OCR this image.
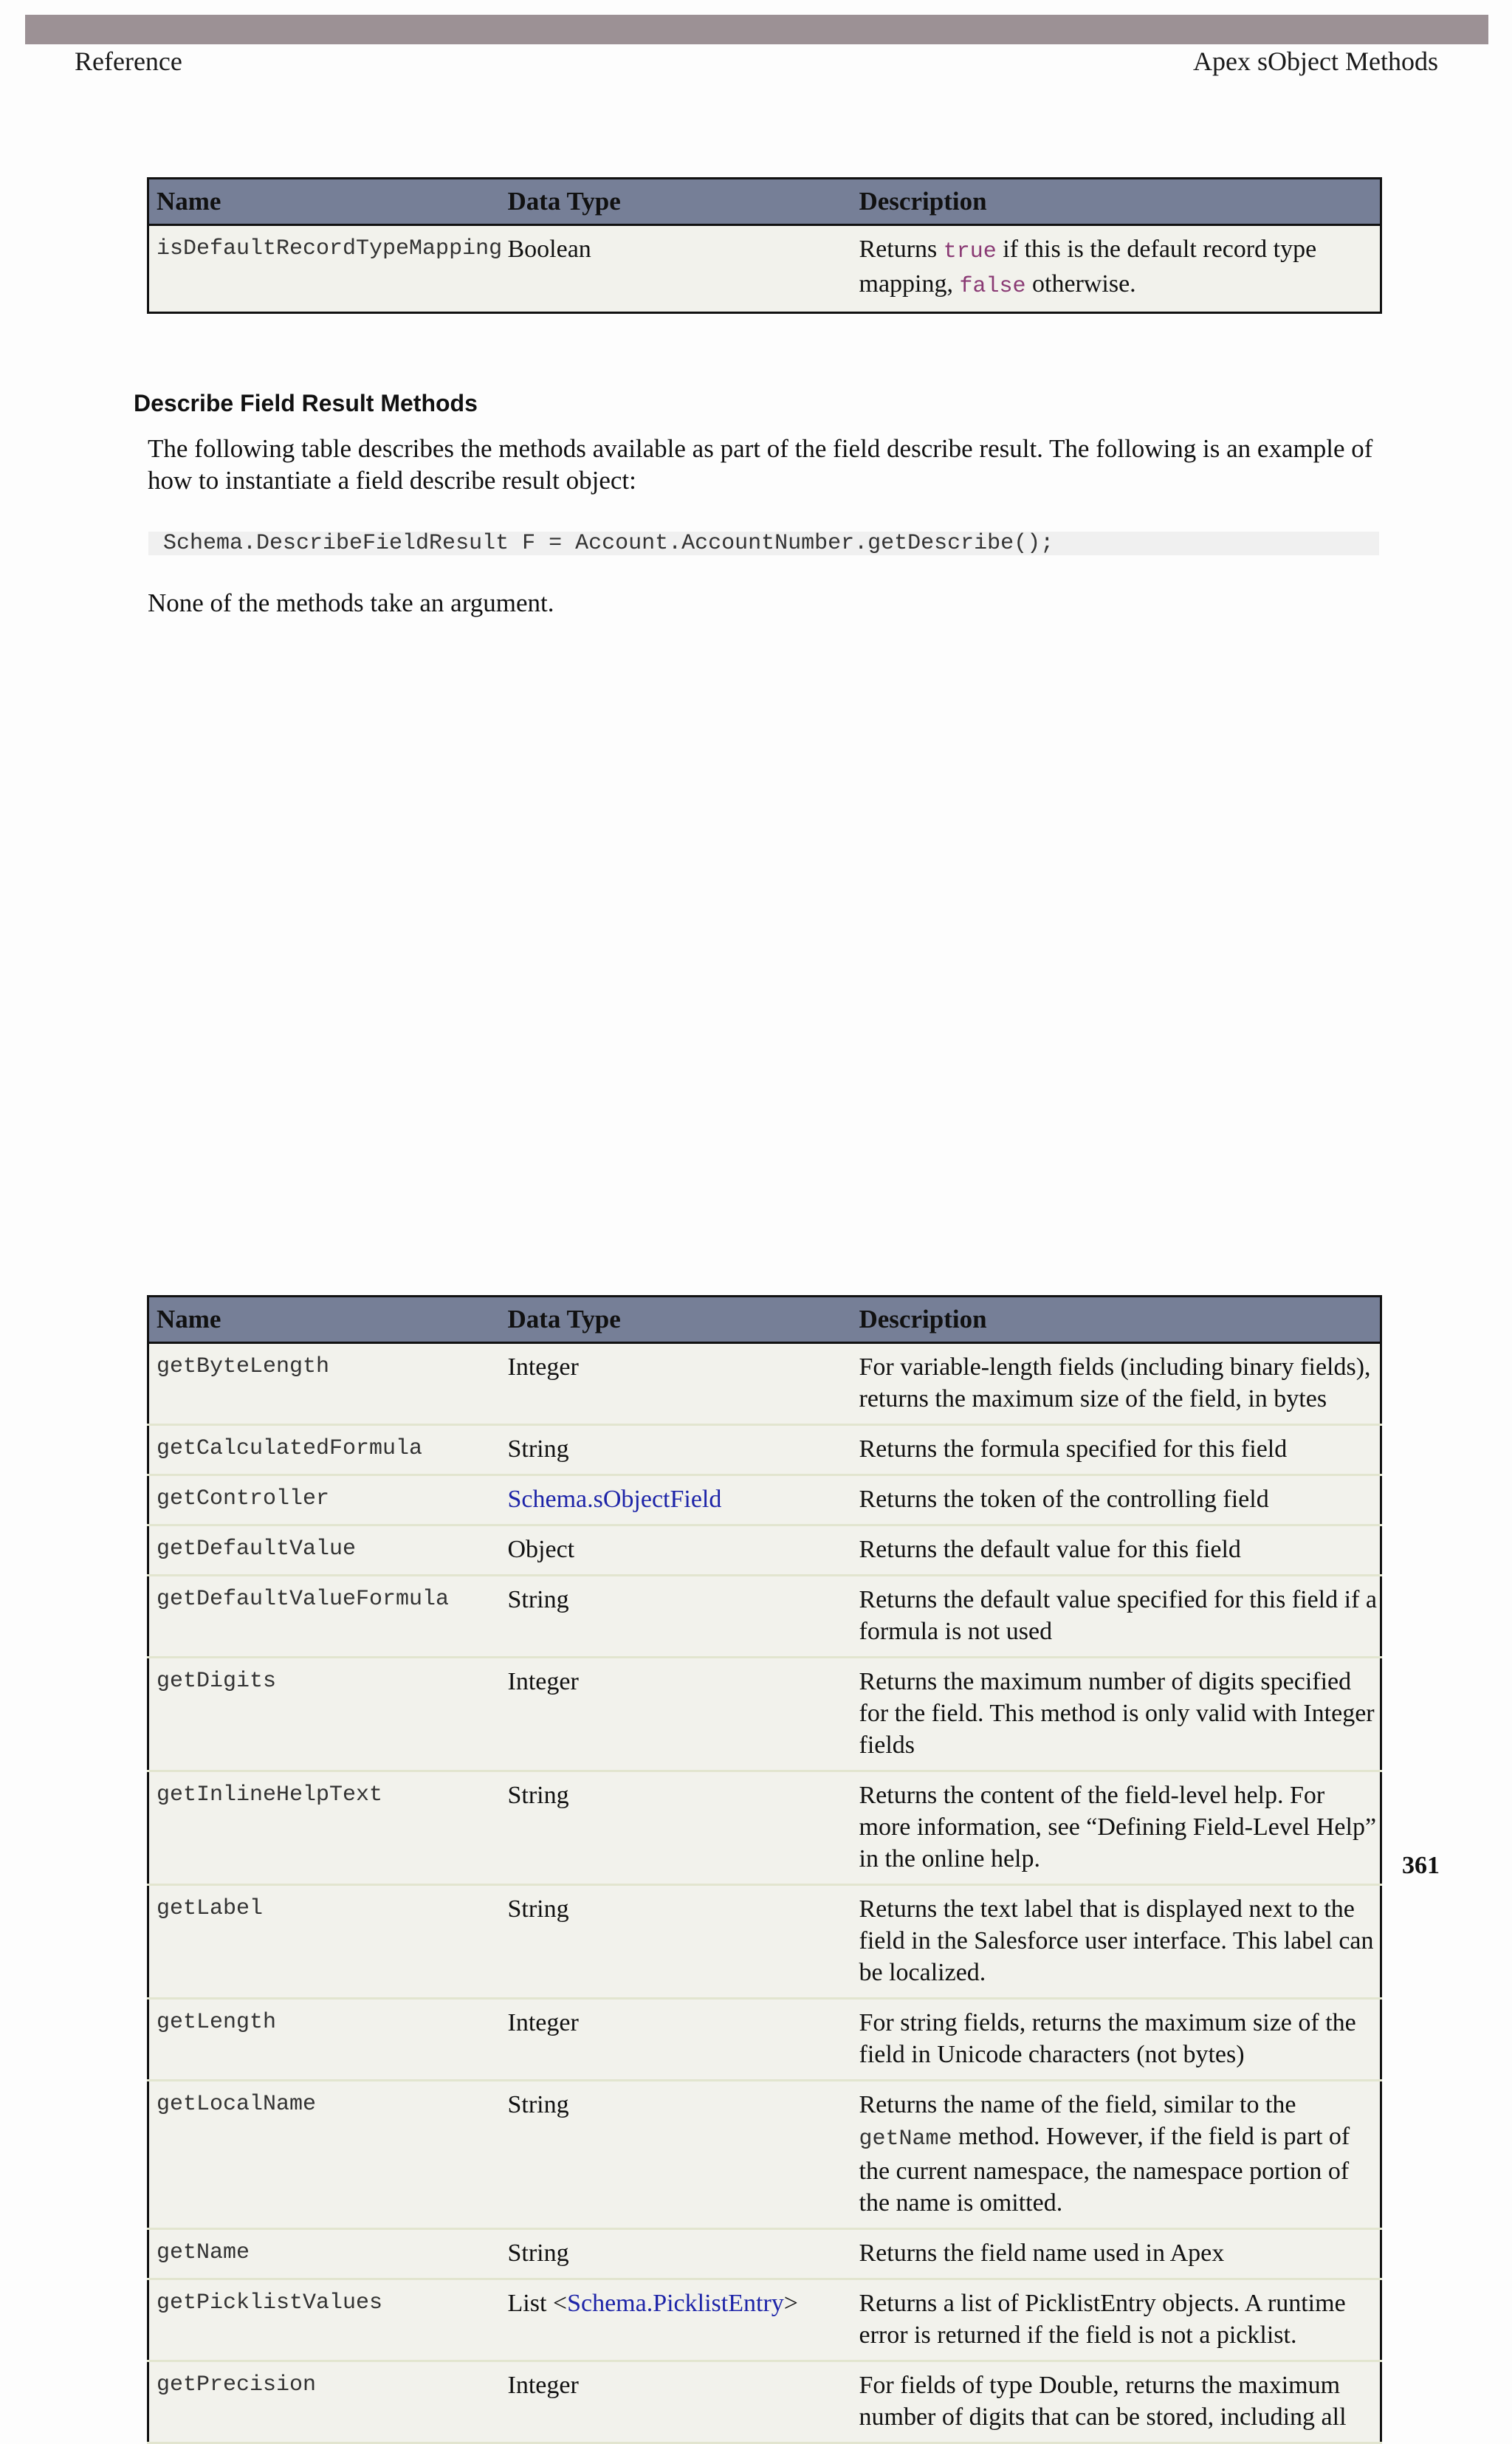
Reference	Apex sObject Methods
Name	Data Type	Description
isDefaultRecordTypeMapping	Boolean	Returns true if this is the default record type mapping, false otherwise.
Describe Field Result Methods
The following table describes the methods available as part of the field describe result. The following is an example of how to instantiate a field describe result object:
Schema.DescribeFieldResult F = Account.AccountNumber.getDescribe();
None of the methods take an argument.
Name	Data Type	Description
getByteLength	Integer	For variable-length fields (including binary fields), returns the maximum size of the field, in bytes
getCalculatedFormula	String	Returns the formula specified for this field
getController	Schema.sObjectField	Returns the token of the controlling field
getDefaultValue	Object	Returns the default value for this field
getDefaultValueFormula	String	Returns the default value specified for this field if a formula is not used
getDigits	Integer	Returns the maximum number of digits specified for the field. This method is only valid with Integer fields
getInlineHelpText	String	Returns the content of the field-level help. For more information, see “Defining Field-Level Help” in the online help.
getLabel	String	Returns the text label that is displayed next to the field in the Salesforce user interface. This label can be localized.
getLength	Integer	For string fields, returns the maximum size of the field in Unicode characters (not bytes)
getLocalName	String	Returns the name of the field, similar to the getName method. However, if the field is part of the current namespace, the namespace portion of the name is omitted.
getName	String	Returns the field name used in Apex
getPicklistValues	List <Schema.PicklistEntry>	Returns a list of PicklistEntry objects. A runtime error is returned if the field is not a picklist.
getPrecision	Integer	For fields of type Double, returns the maximum number of digits that can be stored, including all
361
